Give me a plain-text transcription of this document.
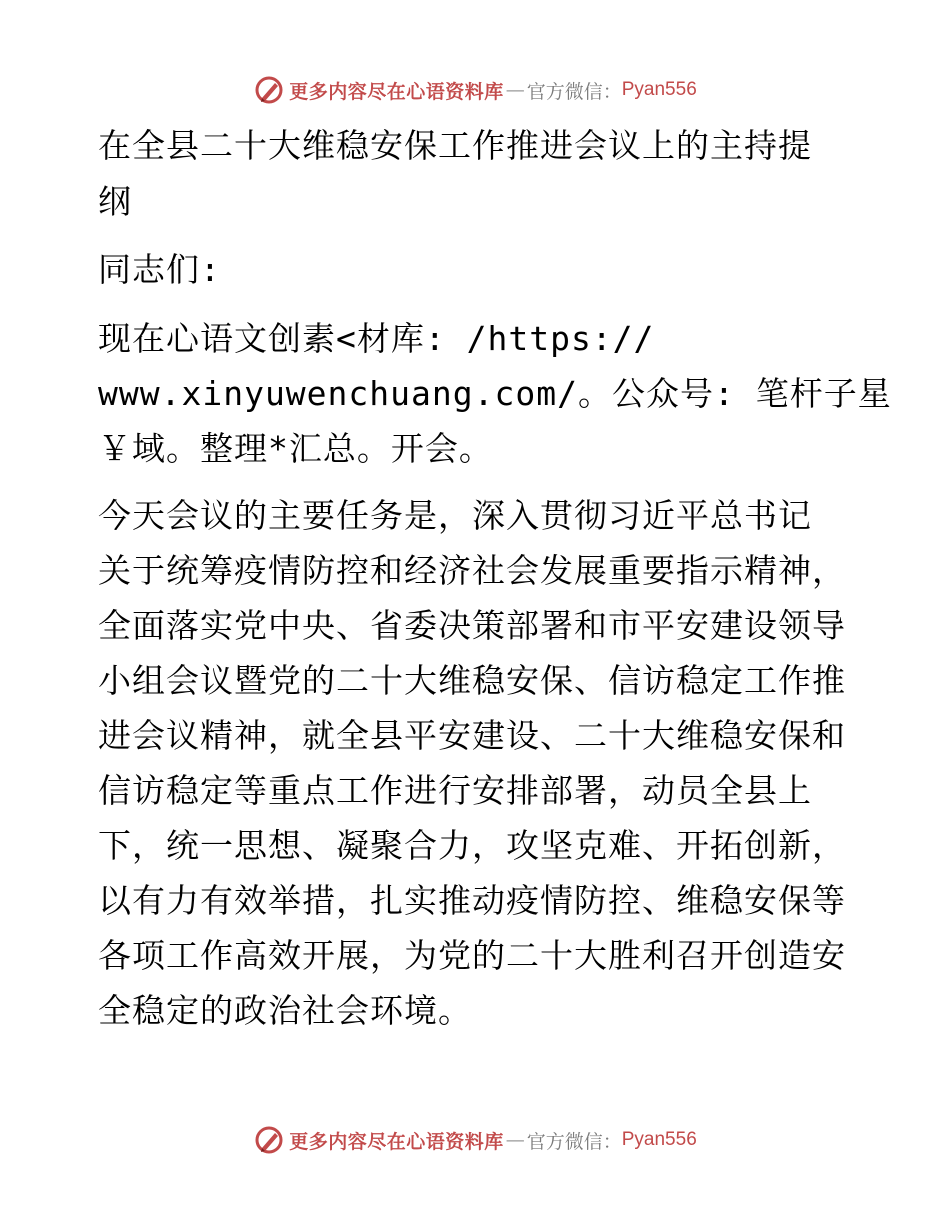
更多内容尽在心语资料库 — 官方微信： Pyan556
在全县二十大维稳安保工作推进会议上的主持提
纲
同志们:
现在心语文创素<材库: /https://
www.xinyuwenchuang.com/。公众号: 笔杆子星
￥域。整理*汇总。开会。
今天会议的主要任务是，深入贯彻习近平总书记
关于统筹疫情防控和经济社会发展重要指示精神，
全面落实党中央、省委决策部署和市平安建设领导
小组会议暨党的二十大维稳安保、信访稳定工作推
进会议精神，就全县平安建设、二十大维稳安保和
信访稳定等重点工作进行安排部署，动员全县上
下，统一思想、凝聚合力，攻坚克难、开拓创新，
以有力有效举措，扎实推动疫情防控、维稳安保等
各项工作高效开展，为党的二十大胜利召开创造安
全稳定的政治社会环境。
更多内容尽在心语资料库 — 官方微信： Pyan556
